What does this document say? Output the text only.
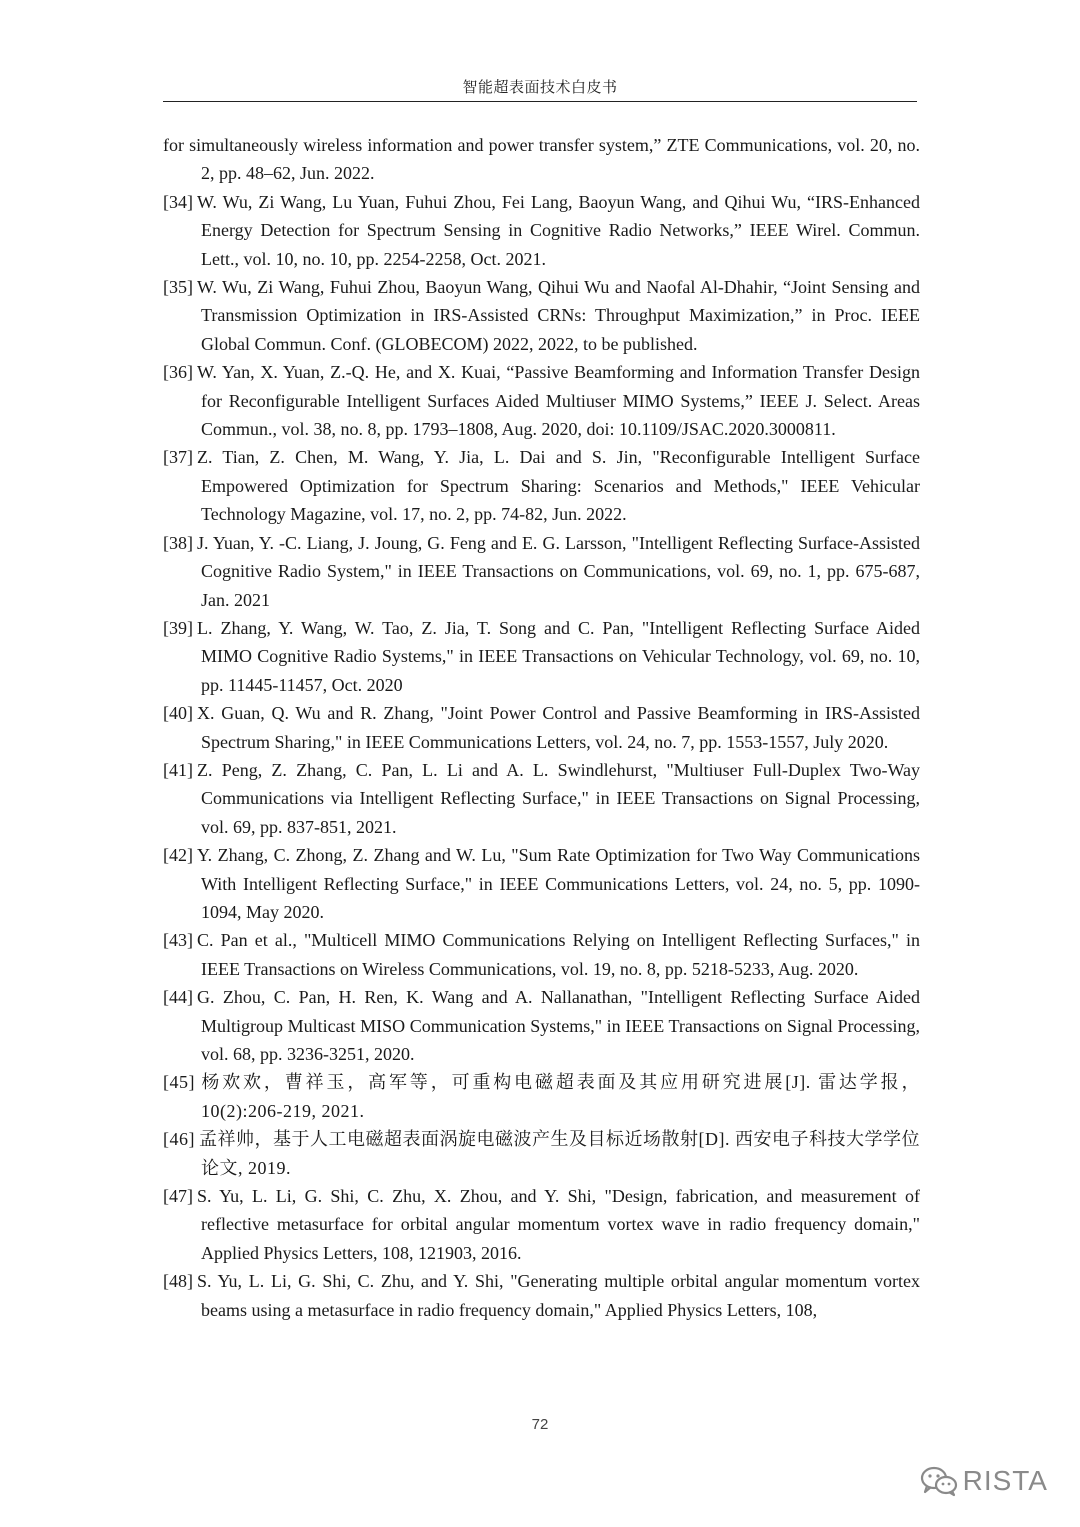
智能超表面技术白皮书

for simultaneously wireless information and power transfer system,” ZTE Communications, vol. 20, no. 2, pp. 48–62, Jun. 2022.

[34] W. Wu, Zi Wang, Lu Yuan, Fuhui Zhou, Fei Lang, Baoyun Wang, and Qihui Wu, “IRS-Enhanced Energy Detection for Spectrum Sensing in Cognitive Radio Networks,” IEEE Wirel. Commun. Lett., vol. 10, no. 10, pp. 2254-2258, Oct. 2021.

[35] W. Wu, Zi Wang, Fuhui Zhou, Baoyun Wang, Qihui Wu and Naofal Al-Dhahir, “Joint Sensing and Transmission Optimization in IRS-Assisted CRNs: Throughput Maximization,” in Proc. IEEE Global Commun. Conf. (GLOBECOM) 2022, 2022, to be published.

[36] W. Yan, X. Yuan, Z.-Q. He, and X. Kuai, “Passive Beamforming and Information Transfer Design for Reconfigurable Intelligent Surfaces Aided Multiuser MIMO Systems,” IEEE J. Select. Areas Commun., vol. 38, no. 8, pp. 1793–1808, Aug. 2020, doi: 10.1109/JSAC.2020.3000811.

[37] Z. Tian, Z. Chen, M. Wang, Y. Jia, L. Dai and S. Jin, "Reconfigurable Intelligent Surface Empowered Optimization for Spectrum Sharing: Scenarios and Methods," IEEE Vehicular Technology Magazine, vol. 17, no. 2, pp. 74-82, Jun. 2022.

[38] J. Yuan, Y. -C. Liang, J. Joung, G. Feng and E. G. Larsson, "Intelligent Reflecting Surface-Assisted Cognitive Radio System," in IEEE Transactions on Communications, vol. 69, no. 1, pp. 675-687, Jan. 2021

[39] L. Zhang, Y. Wang, W. Tao, Z. Jia, T. Song and C. Pan, "Intelligent Reflecting Surface Aided MIMO Cognitive Radio Systems," in IEEE Transactions on Vehicular Technology, vol. 69, no. 10, pp. 11445-11457, Oct. 2020

[40] X. Guan, Q. Wu and R. Zhang, "Joint Power Control and Passive Beamforming in IRS-Assisted Spectrum Sharing," in IEEE Communications Letters, vol. 24, no. 7, pp. 1553-1557, July 2020.

[41] Z. Peng, Z. Zhang, C. Pan, L. Li and A. L. Swindlehurst, "Multiuser Full-Duplex Two-Way Communications via Intelligent Reflecting Surface," in IEEE Transactions on Signal Processing, vol. 69, pp. 837-851, 2021.

[42] Y. Zhang, C. Zhong, Z. Zhang and W. Lu, "Sum Rate Optimization for Two Way Communications With Intelligent Reflecting Surface," in IEEE Communications Letters, vol. 24, no. 5, pp. 1090-1094, May 2020.

[43] C. Pan et al., "Multicell MIMO Communications Relying on Intelligent Reflecting Surfaces," in IEEE Transactions on Wireless Communications, vol. 19, no. 8, pp. 5218-5233, Aug. 2020.

[44] G. Zhou, C. Pan, H. Ren, K. Wang and A. Nallanathan, "Intelligent Reflecting Surface Aided Multigroup Multicast MISO Communication Systems," in IEEE Transactions on Signal Processing, vol. 68, pp. 3236-3251, 2020.

[45] 杨欢欢，曹祥玉，高军等，可重构电磁超表面及其应用研究进展[J]. 雷达学报，10(2):206-219, 2021.

[46] 孟祥帅，基于人工电磁超表面涡旋电磁波产生及目标近场散射[D]. 西安电子科技大学学位论文, 2019.

[47] S. Yu, L. Li, G. Shi, C. Zhu, X. Zhou, and Y. Shi, "Design, fabrication, and measurement of reflective metasurface for orbital angular momentum vortex wave in radio frequency domain," Applied Physics Letters, 108, 121903, 2016.

[48] S. Yu, L. Li, G. Shi, C. Zhu, and Y. Shi, "Generating multiple orbital angular momentum vortex beams using a metasurface in radio frequency domain," Applied Physics Letters, 108,

72
RISTA
